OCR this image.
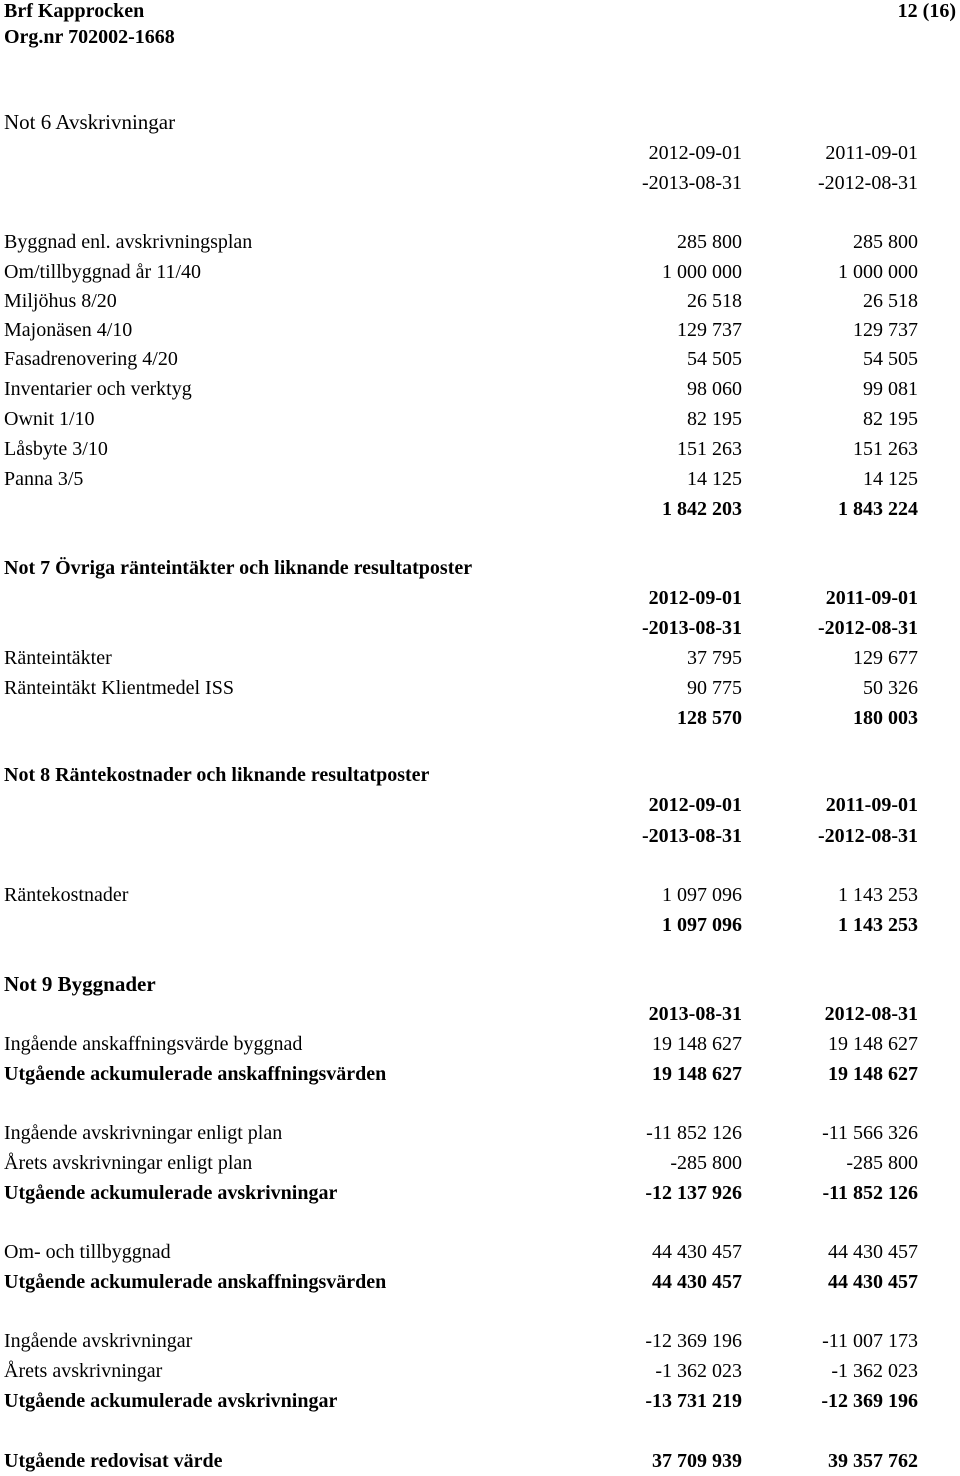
Brf Kapprocken
Org.nr 702002-1668
12 (16)
Not 6 Avskrivningar
2012-09-01	2011-09-01
-2013-08-31	-2012-08-31
Byggnad enl. avskrivningsplan	285 800	285 800
Om/tillbyggnad år 11/40	1 000 000	1 000 000
Miljöhus 8/20	26 518	26 518
Majonäsen 4/10	129 737	129 737
Fasadrenovering 4/20	54 505	54 505
Inventarier och verktyg	98 060	99 081
Ownit 1/10	82 195	82 195
Låsbyte 3/10	151 263	151 263
Panna 3/5	14 125	14 125
1 842 203	1 843 224
Not 7 Övriga ränteintäkter och liknande resultatposter
2012-09-01	2011-09-01
-2013-08-31	-2012-08-31
Ränteintäkter	37 795	129 677
Ränteintäkt Klientmedel ISS	90 775	50 326
128 570	180 003
Not 8 Räntekostnader och liknande resultatposter
2012-09-01	2011-09-01
-2013-08-31	-2012-08-31
Räntekostnader	1 097 096	1 143 253
1 097 096	1 143 253
Not 9 Byggnader
2013-08-31	2012-08-31
Ingående anskaffningsvärde byggnad	19 148 627	19 148 627
Utgående ackumulerade anskaffningsvärden	19 148 627	19 148 627
Ingående avskrivningar enligt plan	-11 852 126	-11 566 326
Årets avskrivningar enligt plan	-285 800	-285 800
Utgående ackumulerade avskrivningar	-12 137 926	-11 852 126
Om- och tillbyggnad	44 430 457	44 430 457
Utgående ackumulerade anskaffningsvärden	44 430 457	44 430 457
Ingående avskrivningar	-12 369 196	-11 007 173
Årets avskrivningar	-1 362 023	-1 362 023
Utgående ackumulerade avskrivningar	-13 731 219	-12 369 196
Utgående redovisat värde	37 709 939	39 357 762
